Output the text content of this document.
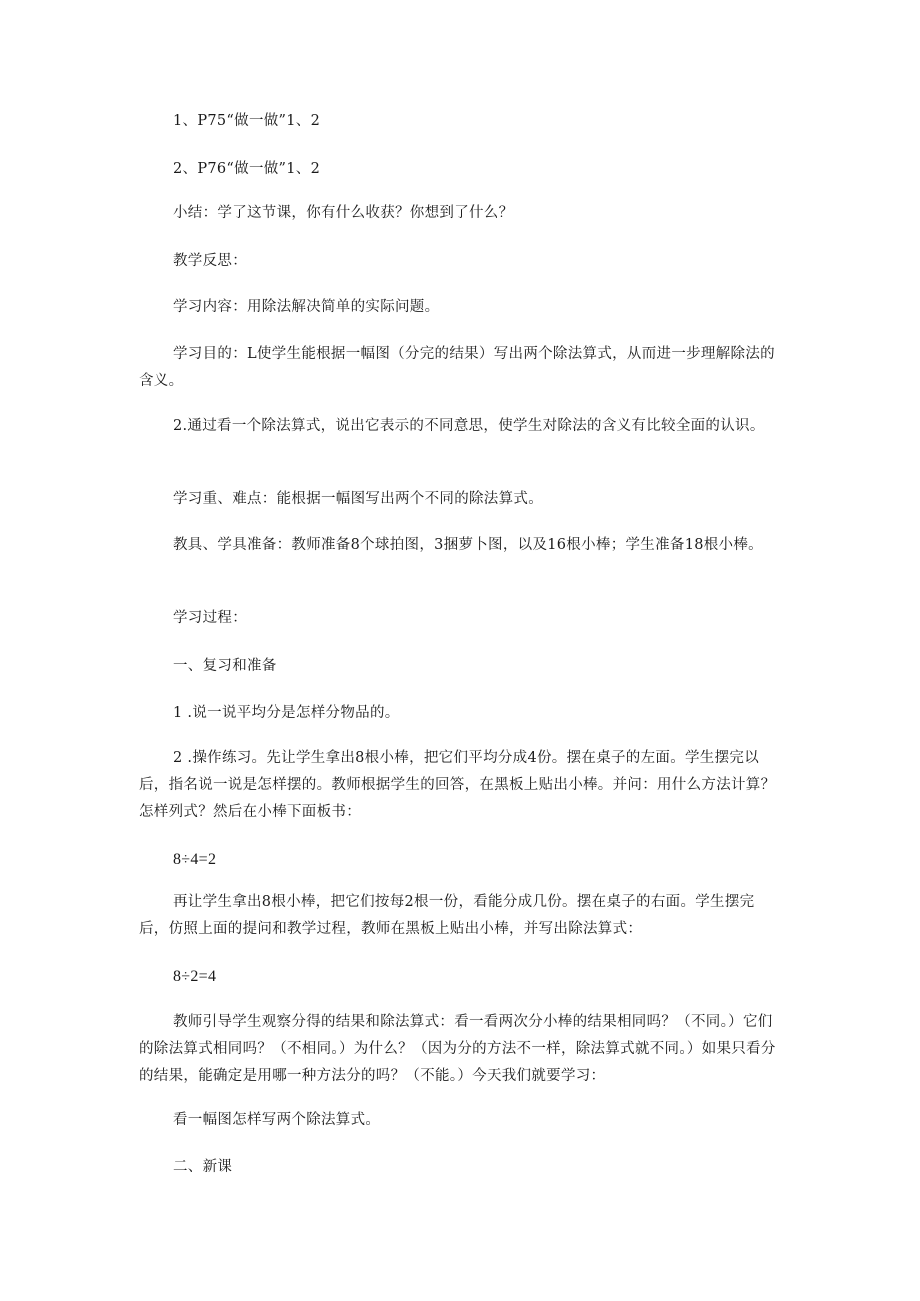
1、P75“做一做”1、2
2、P76“做一做”1、2
小结：学了这节课，你有什么收获？你想到了什么？
教学反思：
学习内容：用除法解决简单的实际问题。
学习目的：L使学生能根据一幅图（分完的结果）写出两个除法算式，从而进一步理解除法的含义。
2.通过看一个除法算式，说出它表示的不同意思，使学生对除法的含义有比较全面的认识。
学习重、难点：能根据一幅图写出两个不同的除法算式。
教具、学具准备：教师准备8个球拍图，3捆萝卜图，以及16根小棒；学生准备18根小棒。
学习过程：
一、复习和准备
1 .说一说平均分是怎样分物品的。
2 .操作练习。先让学生拿出8根小棒，把它们平均分成4份。摆在桌子的左面。学生摆完以后，指名说一说是怎样摆的。教师根据学生的回答，在黑板上贴出小棒。并问：用什么方法计算？怎样列式？然后在小棒下面板书：
8÷4=2
再让学生拿出8根小棒，把它们按每2根一份，看能分成几份。摆在桌子的右面。学生摆完后，仿照上面的提问和教学过程，教师在黑板上贴出小棒，并写出除法算式：
8÷2=4
教师引导学生观察分得的结果和除法算式：看一看两次分小棒的结果相同吗？（不同。）它们的除法算式相同吗？（不相同。）为什么？（因为分的方法不一样，除法算式就不同。）如果只看分的结果，能确定是用哪一种方法分的吗？（不能。）今天我们就要学习：
看一幅图怎样写两个除法算式。
二、新课
